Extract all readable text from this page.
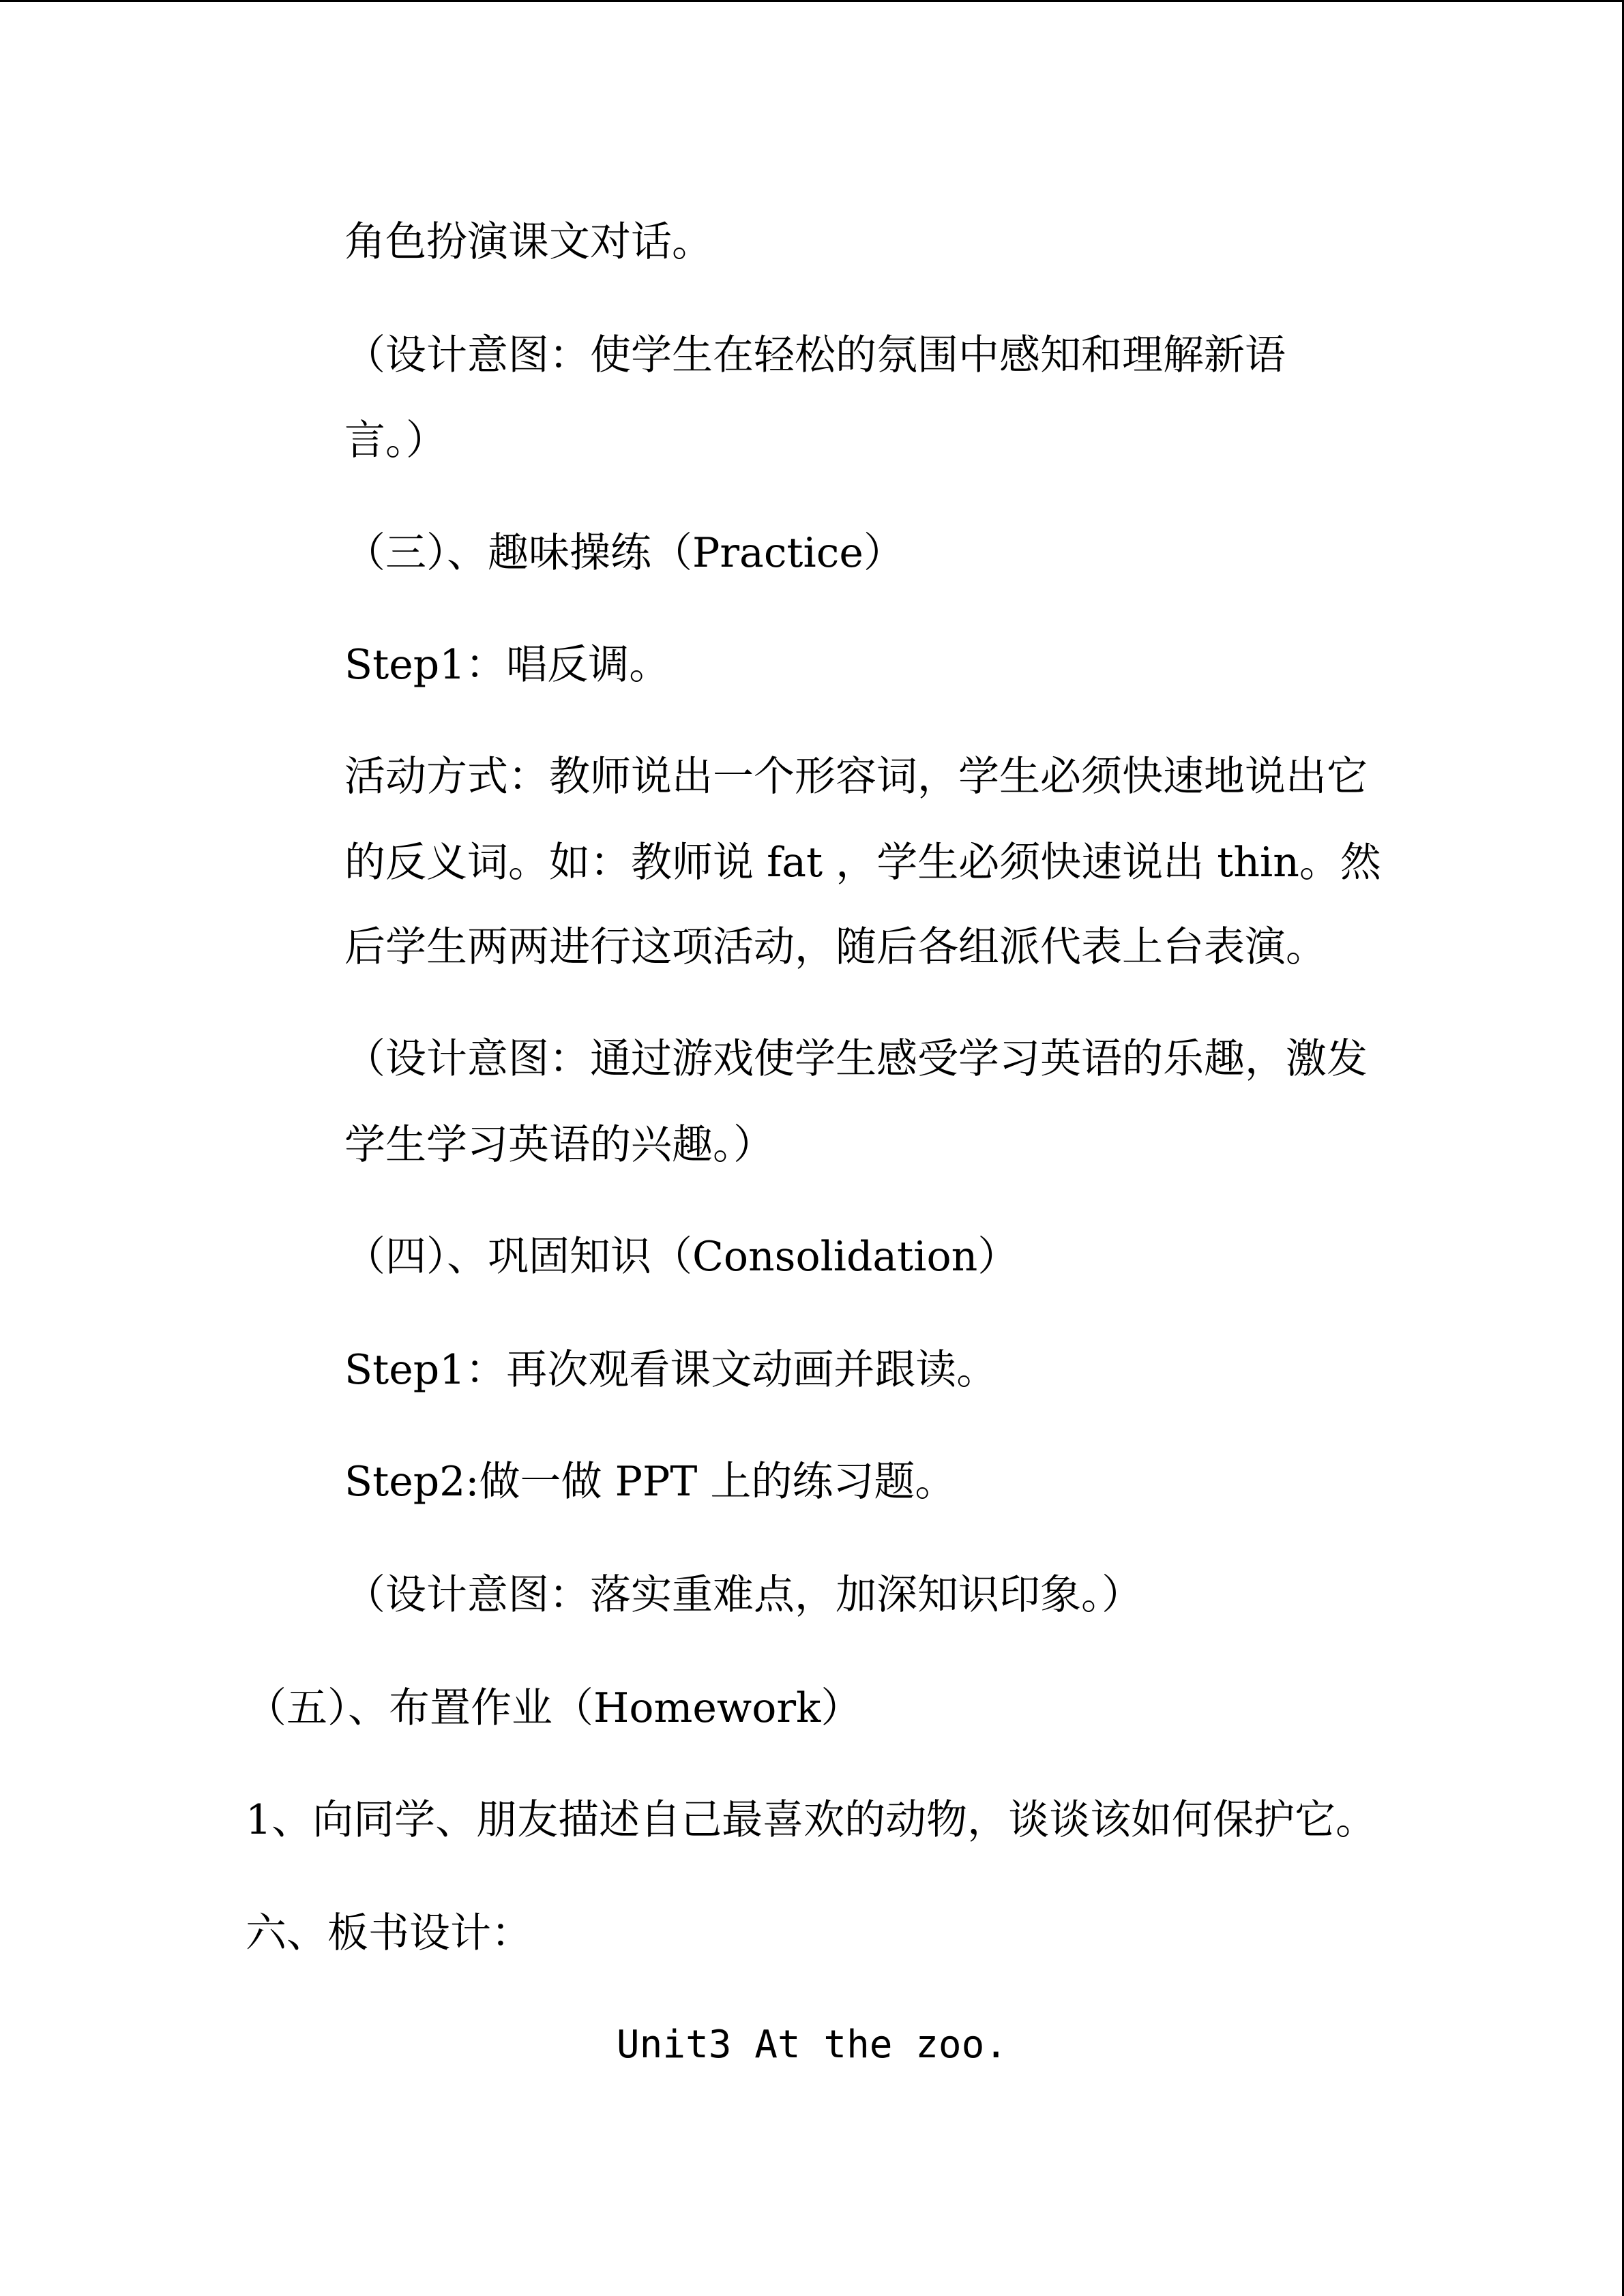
角色扮演课文对话。

（设计意图：使学生在轻松的氛围中感知和理解新语

言。）

（三）、趣味操练（Practice）

Step1：唱反调。

活动方式：教师说出一个形容词，学生必须快速地说出它

的反义词。如：教师说 fat ，学生必须快速说出 thin。然

后学生两两进行这项活动，随后各组派代表上台表演。

（设计意图：通过游戏使学生感受学习英语的乐趣，激发

学生学习英语的兴趣。）

（四）、巩固知识（Consolidation）

Step1：再次观看课文动画并跟读。

Step2:做一做 PPT 上的练习题。

（设计意图：落实重难点，加深知识印象。）

（五）、布置作业（Homework）

1、向同学、朋友描述自己最喜欢的动物，谈谈该如何保护它。

六、板书设计：

Unit3 At the zoo.
